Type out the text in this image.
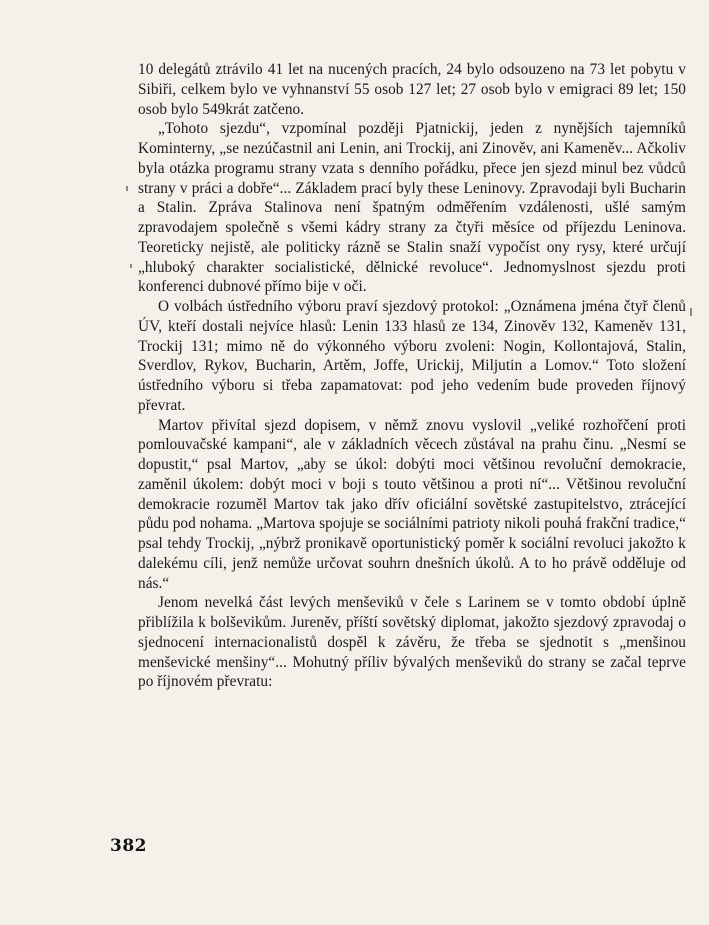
10 delegátů ztrávilo 41 let na nucených pracích, 24 bylo odsouzeno na 73 let pobytu v Sibiři, celkem bylo ve vyhnanství 55 osob 127 let; 27 osob bylo v emigraci 89 let; 150 osob bylo 549krát zatčeno.

„Tohoto sjezdu“, vzpomínal později Pjatnickij, jeden z nynějších tajemníků Kominterny, „se nezúčastnil ani Lenin, ani Trockij, ani Zinověv, ani Kameněv... Ačkoliv byla otázka programu strany vzata s denního pořádku, přece jen sjezd minul bez vůdců strany v práci a dobře“... Základem prací byly these Leninovy. Zpravodaji byli Bucharin a Stalin. Zpráva Stalinova není špatným odměřením vzdálenosti, ušlé samým zpravodajem společně s všemi kádry strany za čtyři měsíce od příjezdu Leninova. Teoreticky nejistě, ale politicky rázně se Stalin snaží vypočíst ony rysy, které určují „hluboký charakter socialistické, dělnické revoluce“. Jednomyslnost sjezdu proti konferenci dubnové přímo bije v oči.

O volbách ústředního výboru praví sjezdový protokol: „Oznámena jména čtyř členů ÚV, kteří dostali nejvíce hlasů: Lenin 133 hlasů ze 134, Zinověv 132, Kameněv 131, Trockij 131; mimo ně do výkonného výboru zvoleni: Nogin, Kollontajová, Stalin, Sverdlov, Rykov, Bucharin, Artěm, Joffe, Urickij, Miljutin a Lomov.“ Toto složení ústředního výboru si třeba zapamatovat: pod jeho vedením bude proveden říjnový převrat.

Martov přivítal sjezd dopisem, v němž znovu vyslovil „veliké rozhořčení proti pomlouvačské kampani“, ale v základních věcech zůstával na prahu činu. „Nesmí se dopustit,“ psal Martov, „aby se úkol: dobýti moci většinou revoluční demokracie, zaměnil úkolem: dobýt moci v boji s touto většinou a proti ní“... Většinou revoluční demokracie rozuměl Martov tak jako dřív oficiální sovětské zastupitelstvo, ztrácející půdu pod nohama. „Martova spojuje se sociálními patrioty nikoli pouhá frakční tradice,“ psal tehdy Trockij, „nýbrž pronikavě oportunistický poměr k sociální revoluci jakožto k dalekému cíli, jenž nemůže určovat souhrn dnešních úkolů. A to ho právě odděluje od nás.“

Jenom nevelká část levých menševiků v čele s Larinem se v tomto období úplně přiblížila k bolševikům. Jureněv, příští sovětský diplomat, jakožto sjezdový zpravodaj o sjednocení internacionalistů dospěl k závěru, že třeba se sjednotit s „menšinou menševické menšiny“... Mohutný příliv bývalých menševiků do strany se začal teprve po říjnovém převratu:

382
